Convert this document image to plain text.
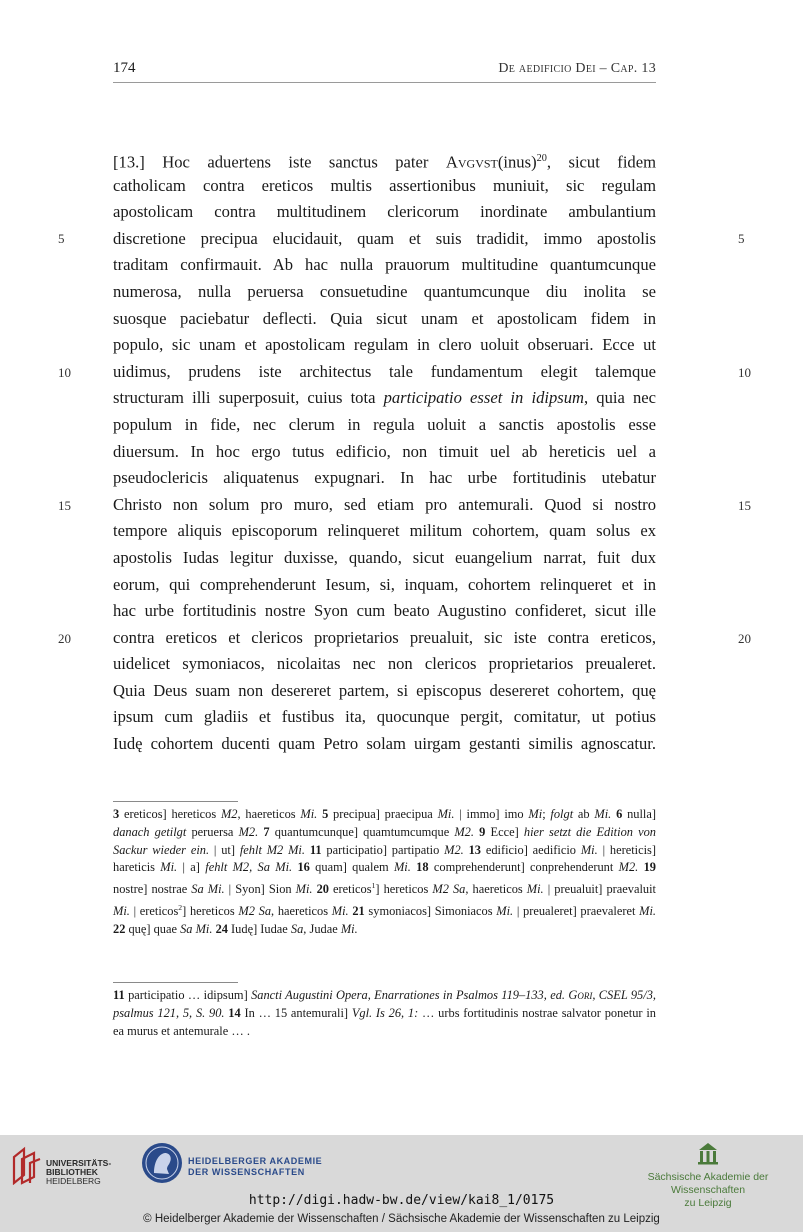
174	De aedificio Dei – Cap. 13
[13.] Hoc aduertens iste sanctus pater Avgvst(inus)$^{20}$, sicut fidem
catholicam contra ereticos multis assertionibus muniuit, sic regulam
apostolicam contra multitudinem clericorum inordinate ambulantium
discretione precipua elucidauit, quam et suis tradidit, immo apostolis
traditam confirmauit. Ab hac nulla prauorum multitudine quantumcunque
numerosa, nulla peruersa consuetudine quantumcunque diu inolita se
suosque paciebatur deflecti. Quia sicut unam et apostolicam fidem in
populo, sic unam et apostolicam regulam in clero uoluit obseruari. Ecce ut
uidimus, prudens iste architectus tale fundamentum elegit talemque
structuram illi superposuit, cuius tota participatio esset in idipsum, quia nec
populum in fide, nec clerum in regula uoluit a sanctis apostolis esse
diuersum. In hoc ergo tutus edificio, non timuit uel ab hereticis uel a
pseudoclericis aliquatenus expugnari. In hac urbe fortitudinis utebatur
Christo non solum pro muro, sed etiam pro antemurali. Quod si nostro
tempore aliquis episcoporum relinqueret militum cohortem, quam solus ex
apostolis Iudas legitur duxisse, quando, sicut euangelium narrat, fuit dux
eorum, qui comprehenderunt Iesum, si, inquam, cohortem relinqueret et in
hac urbe fortitudinis nostre Syon cum beato Augustino confideret, sicut ille
contra ereticos et clericos proprietarios preualuit, sic iste contra ereticos,
uidelicet symoniacos, nicolaitas nec non clericos proprietarios preualeret.
Quia Deus suam non desereret partem, si episcopus desereret cohortem, quę
ipsum cum gladiis et fustibus ita, quocunque pergit, comitatur, ut potius
Iudę cohortem ducenti quam Petro solam uirgam gestanti similis agnoscatur.
5	5
10	10
15	15
20	20
3 ereticos] hereticos M2, haereticos Mi. 5 precipua] praecipua Mi. | immo] imo Mi; folgt ab Mi. 6 nulla] danach getilgt peruersa M2. 7 quantumcunque] quamtumcumque M2. 9 Ecce] hier setzt die Edition von Sackur wieder ein. | ut] fehlt M2 Mi. 11 participatio] partipatio M2. 13 edificio] aedificio Mi. | hereticis] hareticis Mi. | a] fehlt M2, Sa Mi. 16 quam] qualem Mi. 18 comprehenderunt] conprehenderunt M2. 19 nostre] nostrae Sa Mi. | Syon] Sion Mi. 20 ereticos$^1$] hereticos M2 Sa, haereticos Mi. | preualuit] praevaluit Mi. | ereticos$^2$] hereticos M2 Sa, haereticos Mi. 21 symoniacos] Simoniacos Mi. | preualeret] praevaleret Mi. 22 quę] quae Sa Mi. 24 Iudę] Iudae Sa, Judae Mi.
11 participatio … idipsum] Sancti Augustini Opera, Enarrationes in Psalmos 119–133, ed. Gori, CSEL 95/3, psalmus 121, 5, S. 90. 14 In … 15 antemurali] Vgl. Is 26, 1: … urbs fortitudinis nostrae salvator ponetur in ea murus et antemurale … .
UNIVERSITÄTS-
BIBLIOTHEK
HEIDELBERG
HEIDELBERGER AKADEMIE
DER WISSENSCHAFTEN	Sächsische Akademie der Wissenschaften
zu Leipzig
http://digi.hadw-bw.de/view/kai8_1/0175
© Heidelberger Akademie der Wissenschaften / Sächsische Akademie der Wissenschaften zu Leipzig
